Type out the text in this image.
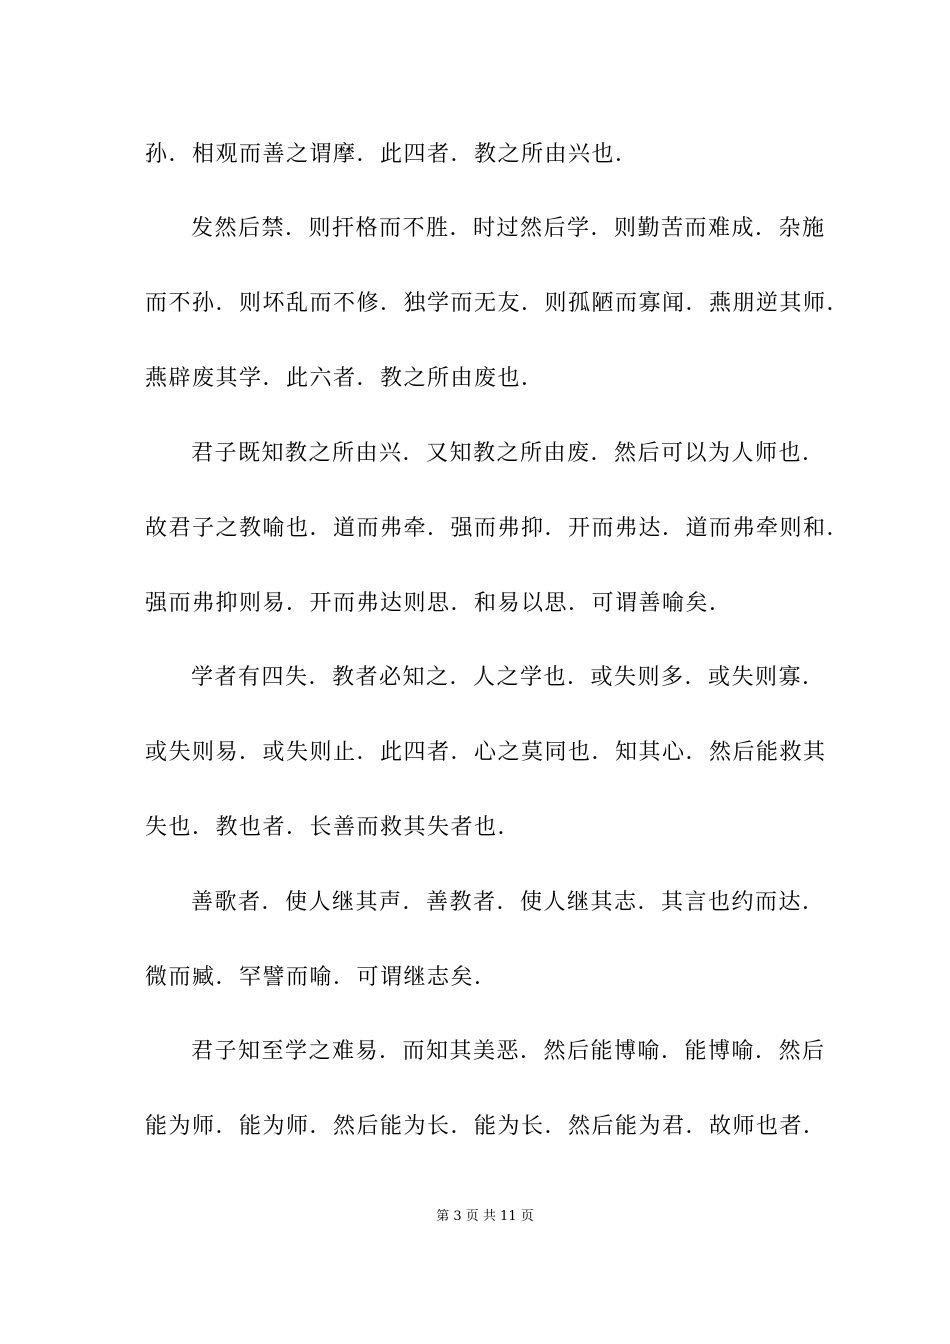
孙．相观而善之谓摩．此四者．教之所由兴也．
发然后禁．则扞格而不胜．时过然后学．则勤苦而难成．杂施
而不孙．则坏乱而不修．独学而无友．则孤陋而寡闻．燕朋逆其师．
燕辟废其学．此六者．教之所由废也．
君子既知教之所由兴．又知教之所由废．然后可以为人师也．
故君子之教喻也．道而弗牵．强而弗抑．开而弗达．道而弗牵则和．
强而弗抑则易．开而弗达则思．和易以思．可谓善喻矣．
学者有四失．教者必知之．人之学也．或失则多．或失则寡．
或失则易．或失则止．此四者．心之莫同也．知其心．然后能救其
失也．教也者．长善而救其失者也．
善歌者．使人继其声．善教者．使人继其志．其言也约而达．
微而臧．罕譬而喻．可谓继志矣．
君子知至学之难易．而知其美恶．然后能博喻．能博喻．然后
能为师．能为师．然后能为长．能为长．然后能为君．故师也者．
第 3 页 共 11 页
